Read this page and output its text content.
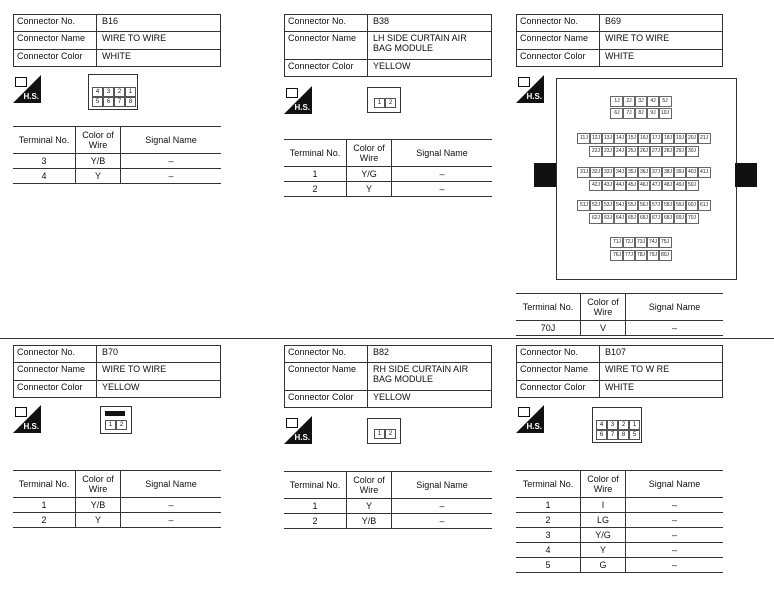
Connector No.	B16
Connector Name	WIRE TO WIRE
Connector Color	WHITE
H.S.	4	3	2	1
5	6	7	8
Terminal No.	Color of Wire	Signal Name
3	Y/B	–
4	Y	–
Connector No.	B38
Connector Name	LH SIDE CURTAIN AIR BAG MODULE
Connector Color	YELLOW
H.S.	1	2
Terminal No.	Color of Wire	Signal Name
1	Y/G	–
2	Y	–
Connector No.	B69
Connector Name	WIRE TO WIRE
Connector Color	WHITE
H.S.	1J	2J	3J	4J	5J
6J	7J	8J	9J	10J
11J 12J 13J 14J 15J 16J 17J 18J 19J 20J 21J
22J 23J 24J 25J 26J 27J 28J 29J 30J
31J 32J 33J 34J 35J 36J 37J 38J 39J 40J 41J
42J 43J 44J 45J 46J 47J 48J 49J 50J
51J 52J 53J 54J 55J 56J 57J 58J 59J 60J 61J
62J 63J 64J 65J 66J 67J 68J 69J 70J
71J 72J 73J 74J 75J
76J 77J 78J 79J 80J
Terminal No.	Color of Wire	Signal Name
70J	V	–
Connector No.	B70
Connector Name	WIRE TO WIRE
Connector Color	YELLOW
H.S.	1	2
Terminal No.	Color of Wire	Signal Name
1	Y/B	–
2	Y	–
Connector No.	B82
Connector Name	RH SIDE CURTAIN AIR BAG MODULE
Connector Color	YELLOW
H.S.	1	2
Terminal No.	Color of Wire	Signal Name
1	Y	–
2	Y/B	–
Connector No.	B107
Connector Name	WIRE TO W RE
Connector Color	WHITE
H.S.	4	3	2	1
6	7	8	5
Terminal No.	Color of Wire	Signal Name
1	I	–
2	LG	–
3	Y/G	–
4	Y	–
5	G	–
